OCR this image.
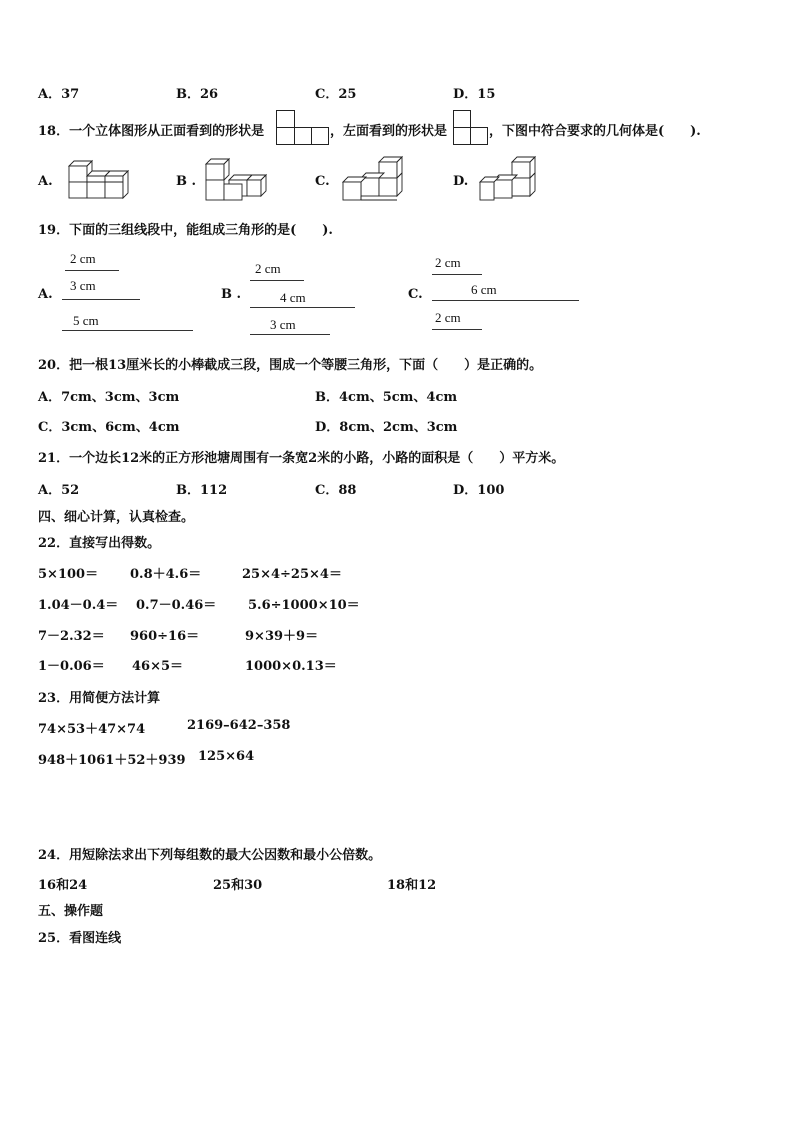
A．37	B．26	C．25	D．15
18．一个立体图形从正面看到的形状是	，左面看到的形状是	，下图中符合要求的几何体是(　　).
A.	B .	C.	D.
19．下面的三组线段中，能组成三角形的是(　　).
A.
2 cm
3 cm
5 cm
B .
2 cm
4 cm
3 cm
C.
2 cm
6 cm
2 cm
20．把一根13厘米长的小棒截成三段，围成一个等腰三角形，下面（　　）是正确的。
A．7cm、3cm、3cm	B．4cm、5cm、4cm
C．3cm、6cm、4cm	D．8cm、2cm、3cm
21．一个边长12米的正方形池塘周围有一条宽2米的小路，小路的面积是（　　）平方米。
A．52	B．112	C．88	D．100
四、细心计算，认真检查。
22．直接写出得数。
5×100＝ 0.8＋4.6＝	25×4÷25×4＝
1.04－0.4＝ 0.7－0.46＝ 5.6÷1000×10＝
7－2.32＝ 960÷16＝	9×39＋9＝
1－0.06＝ 46×5＝	1000×0.13＝
23．用简便方法计算
74×53＋47×74	2169–642–358
948＋1061＋52＋939 125×64
24．用短除法求出下列每组数的最大公因数和最小公倍数。
16和24	25和30	18和12
五、操作题
25．看图连线
